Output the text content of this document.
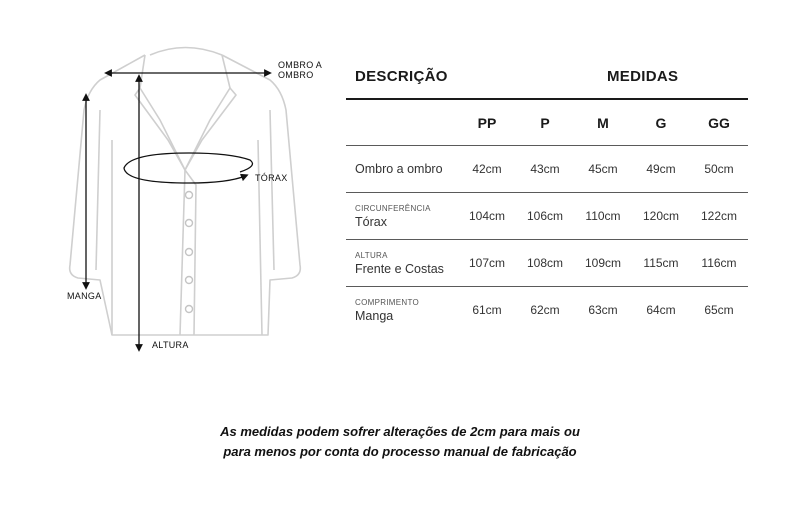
OMBRO A
OMBRO
TÓRAX
MANGA
ALTURA
DESCRIÇÃO	MEDIDAS
	PP	P	M	G	GG

Ombro a ombro	42cm	43cm	45cm	49cm	50cm

CIRCUNFERÊNCIA
Tórax	104cm	106cm	110cm	120cm	122cm

ALTURA
Frente e Costas	107cm	108cm	109cm	115cm	116cm

COMPRIMENTO
Manga	61cm	62cm	63cm	64cm	65cm
As medidas podem sofrer alterações de 2cm para mais ou
para menos por conta do processo manual de fabricação
